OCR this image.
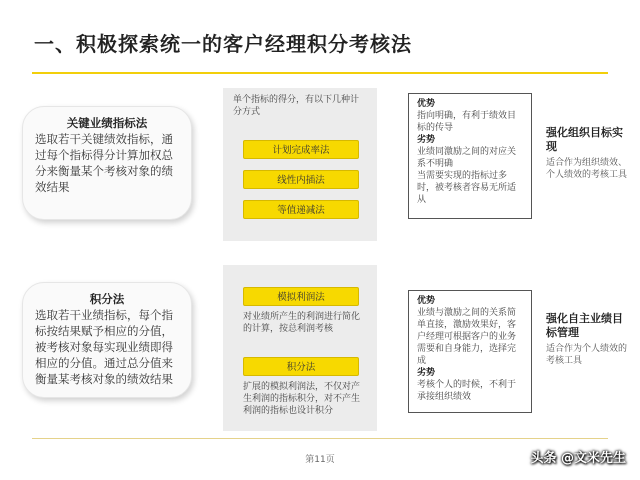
一、积极探索统一的客户经理积分考核法
关键业绩指标法
选取若干关键绩效指标，通过每个指标得分计算加权总分来衡量某个考核对象的绩效结果
单个指标的得分，有以下几种计分方式
计划完成率法
线性内插法
等值递减法
优势
指向明确，有利于绩效目标的传导
劣势
业绩同激励之间的对应关系不明确
当需要实现的指标过多时，被考核者容易无所适从
强化组织目标实现
适合作为组织绩效、个人绩效的考核工具
积分法
选取若干业绩指标，每个指标按结果赋予相应的分值，被考核对象每实现业绩即得相应的分值。通过总分值来衡量某考核对象的绩效结果
模拟利润法
对业绩所产生的利润进行简化的计算，按总利润考核
积分法
扩展的模拟利润法，不仅对产生利润的指标积分，对不产生利润的指标也设计积分
优势
业绩与激励之间的关系简单直接，激励效果好，客户经理可根据客户的业务需要和自身能力，选择完成
劣势
考核个人的时候，不利于承接组织绩效
强化自主业绩目标管理
适合作为个人绩效的考核工具
第11页	头条 @文米先生
